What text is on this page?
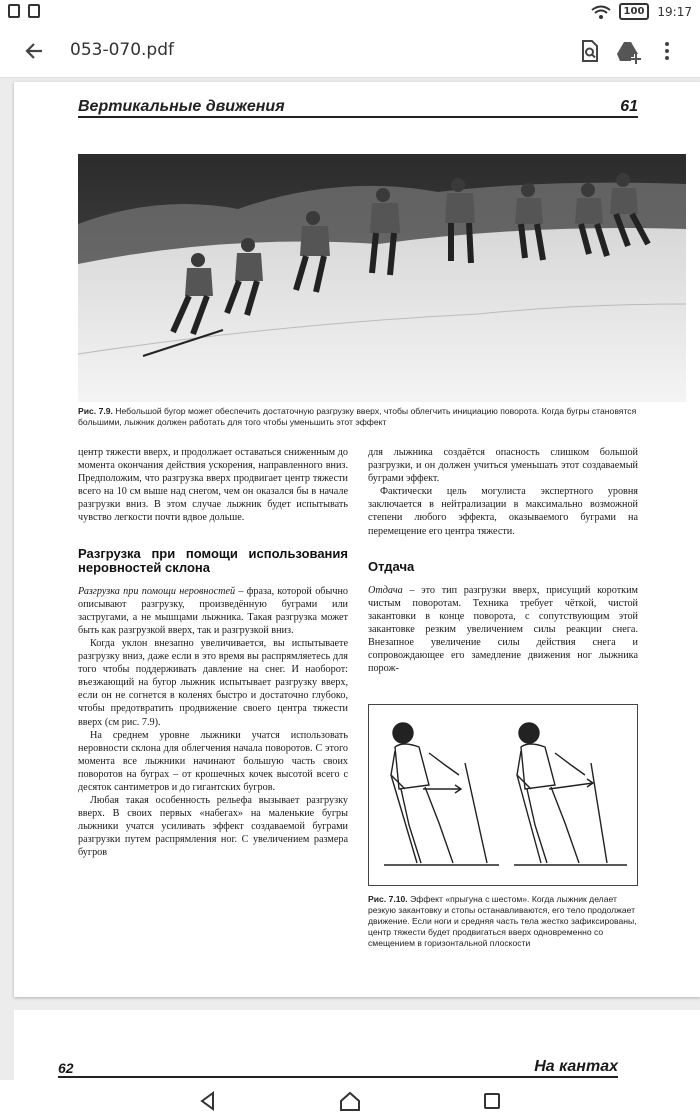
100	19:17
053-070.pdf
Вертикальные движения	61
Рис. 7.9. Небольшой бугор может обеспечить достаточную разгрузку вверх, чтобы облегчить инициацию поворота. Когда бугры становятся большими, лыжник должен работать для того чтобы уменьшить этот эффект

центр тяжести вверх, и продолжает оставаться сниженным до момента окончания действия ускорения, направленного вниз. Предположим, что разгрузка вверх продвигает центр тяжести всего на 10 см выше над снегом, чем он оказался бы в начале разгрузки вниз. В этом случае лыжник будет испытывать чувство легкости почти вдвое дольше.

Разгрузка при помощи использования неровностей склона

Разгрузка при помощи неровностей – фраза, которой обычно описывают разгрузку, произведённую буграми или застругами, а не мышцами лыжника. Такая разгрузка может быть как разгрузкой вверх, так и разгрузкой вниз.

Когда уклон внезапно увеличивается, вы испытываете разгрузку вниз, даже если в это время вы распрямляетесь для того чтобы поддерживать давление на снег. И наоборот: въезжающий на бугор лыжник испытывает разгрузку вверх, если он не согнется в коленях быстро и достаточно глубоко, чтобы предотвратить продвижение своего центра тяжести вверх (см рис. 7.9).

На среднем уровне лыжники учатся использовать неровности склона для облегчения начала поворотов. С этого момента все лыжники начинают большую часть своих поворотов на буграх – от крошечных кочек высотой всего с десяток сантиметров и до гигантских бугров.

Любая такая особенность рельефа вызывает разгрузку вверх. В своих первых «набегах» на маленькие бугры лыжники учатся усиливать эффект создаваемой буграми разгрузки путем распрямления ног. С увеличением размера бугров

для лыжника создаётся опасность слишком большой разгрузки, и он должен учиться уменьшать этот создаваемый буграми эффект.

Фактически цель могулиста экспертного уровня заключается в нейтрализации в максимально возможной степени любого эффекта, оказываемого буграми на перемещение его центра тяжести.

Отдача

Отдача – это тип разгрузки вверх, присущий коротким чистым поворотам. Техника требует чёткой, чистой закантовки в конце поворота, с сопутствующим этой закантовке резким увеличением силы реакции снега. Внезапное увеличение силы действия снега и сопровождающее его замедление движения ног лыжника порож-

Рис. 7.10. Эффект «прыгуна с шестом». Когда лыжник делает резкую закантовку и стопы останавливаются, его тело продолжает движение. Если ноги и средняя часть тела жестко зафиксированы, центр тяжести будет продвигаться вверх одновременно со смещением в горизонтальной плоскости
62	На кантах
